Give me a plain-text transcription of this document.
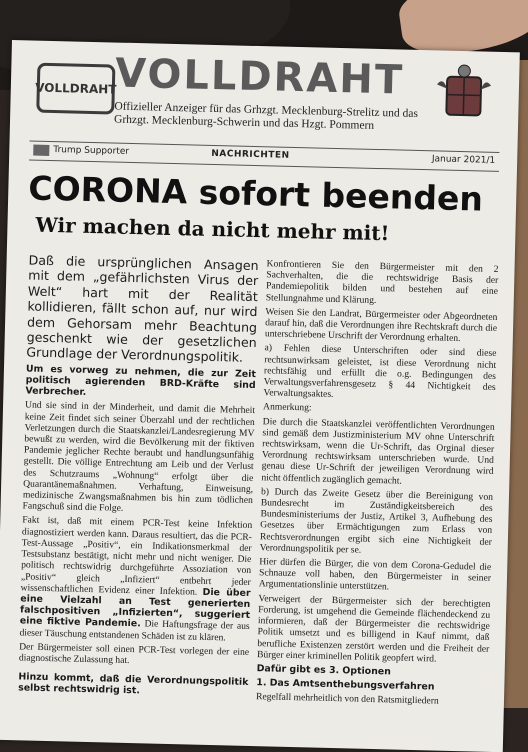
VOLLDRAHT
VOLLDRAHT
Offizieller Anzeiger für das Grhzgt. Mecklenburg-Strelitz und das Grhzgt. Mecklenburg-Schwerin und das Hzgt. Pommern
Trump Supporter	NACHRICHTEN	Januar 2021/1
CORONA sofort beenden
Wir machen da nicht mehr mit!

Daß die ursprünglichen Ansagen mit dem „gefährlichsten Virus der Welt“ hart mit der Realität kollidieren, fällt schon auf, nur wird dem Gehorsam mehr Beachtung geschenkt wie der gesetzlichen Grundlage der Verordnungspolitik.

Um es vorweg zu nehmen, die zur Zeit politisch agierenden BRD-Kräfte sind Verbrecher.

Und sie sind in der Minderheit, und damit die Mehrheit keine Zeit findet sich seiner Überzahl und der rechtlichen Verletzungen durch die Staatskanzlei/Landesregierung MV bewußt zu werden, wird die Bevölkerung mit der fiktiven Pandemie jeglicher Rechte beraubt und handlungsunfähig gestellt. Die völlige Entrechtung am Leib und der Verlust des Schutzraums „Wohnung“ erfolgt über die Quarantänemaßnahmen. Verhaftung, Einweisung, medizinische Zwangsmaßnahmen bis hin zum tödlichen Fangschuß sind die Folge.

Fakt ist, daß mit einem PCR-Test keine Infektion diagnostiziert werden kann. Daraus resultiert, das die PCR-Test-Aussage „Positiv“, ein Indikationsmerkmal der Testsubstanz bestätigt, nicht mehr und nicht weniger. Die politisch rechtswidrig durchgeführte Assoziation von „Positiv“ gleich „Infiziert“ entbehrt jeder wissenschaftlichen Evidenz einer Infektion. Die über eine Vielzahl an Test generierten falschpositiven „Infizierten“, suggeriert eine fiktive Pandemie. Die Haftungsfrage der aus dieser Täuschung entstandenen Schäden ist zu klären.

Der Bürgermeister soll einen PCR-Test vorlegen der eine diagnostische Zulassung hat.

Hinzu kommt, daß die Verordnungspolitik selbst rechtswidrig ist.

Konfrontieren Sie den Bürgermeister mit den 2 Sachverhalten, die die rechtswidrige Basis der Pandemiepolitik bilden und bestehen auf eine Stellungnahme und Klärung.

Weisen Sie den Landrat, Bürgermeister oder Abgeordneten darauf hin, daß die Verordnungen ihre Rechtskraft durch die unterschriebene Urschrift der Verordnung erhalten.

a) Fehlen diese Unterschriften oder sind diese rechtsunwirksam geleistet, ist diese Verordnung nicht rechtsfähig und erfüllt die o.g. Bedingungen des Verwaltungsverfahrensgesetz § 44 Nichtigkeit des Verwaltungsaktes.

Anmerkung:

Die durch die Staatskanzlei veröffentlichten Verordnungen sind gemäß dem Justizministerium MV ohne Unterschrift rechtswirksam, wenn die Ur-Schrift, das Orginal dieser Verordnung rechtswirksam unterschrieben wurde. Und genau diese Ur-Schrift der jeweiligen Verordnung wird nicht öffentlich zugänglich gemacht.

b) Durch das Zweite Gesetz über die Bereinigung von Bundesrecht im Zuständigkeitsbereich des Bundesministeriums der Justiz, Artikel 3, Aufhebung des Gesetzes über Ermächtigungen zum Erlass von Rechtsverordnungen ergibt sich eine Nichtigkeit der Verordnungspolitik per se.

Hier dürfen die Bürger, die von dem Corona-Gedudel die Schnauze voll haben, den Bürgermeister in seiner Argumentationslinie unterstützen.

Verweigert der Bürgermeister sich der berechtigten Forderung, ist umgehend die Gemeinde flächendeckend zu informieren, daß der Bürgermeister die rechtswidrige Politik umsetzt und es billigend in Kauf nimmt, daß berufliche Existenzen zerstört werden und die Freiheit der Bürger einer kriminellen Politik geopfert wird.

Dafür gibt es 3. Optionen

1. Das Amtsenthebungsverfahren

Regelfall mehrheitlich von den Ratsmitgliedern
